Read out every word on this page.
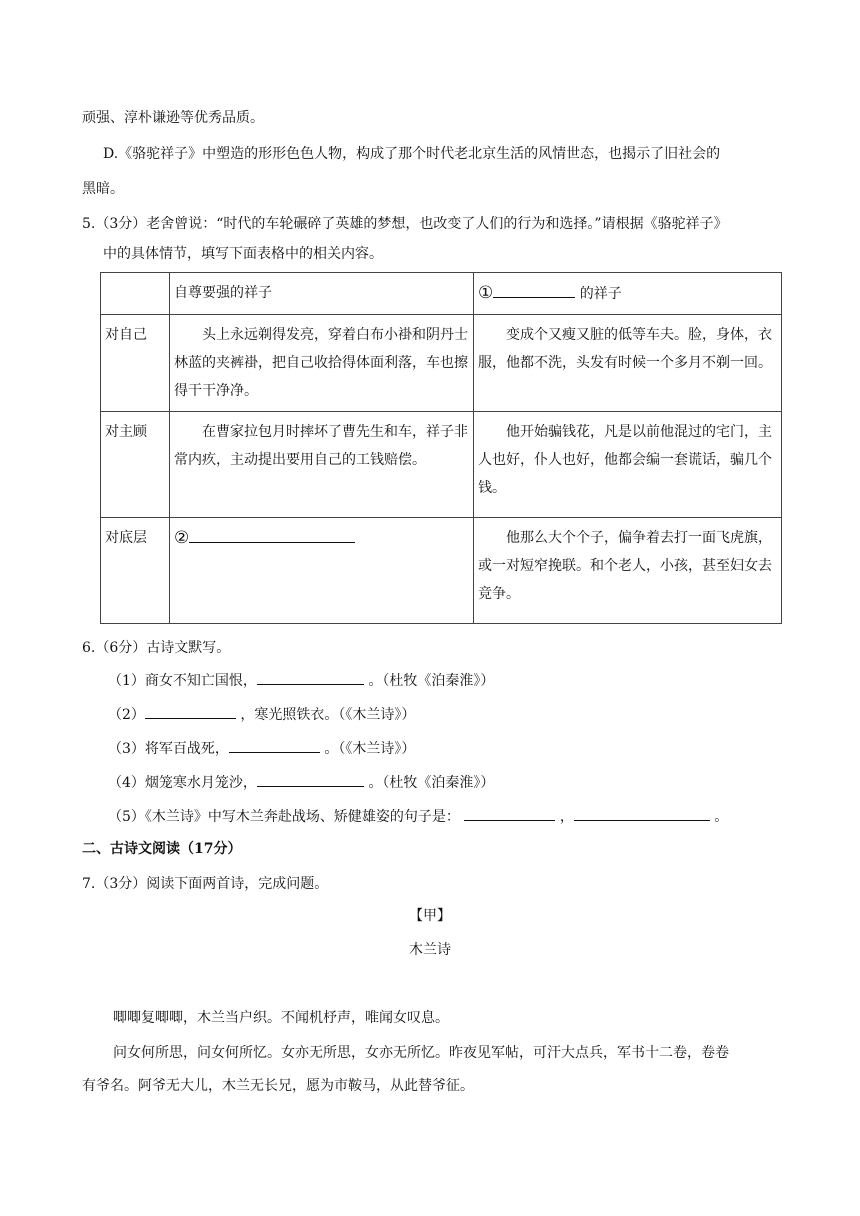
顽强、淳朴谦逊等优秀品质。
D.《骆驼祥子》中塑造的形形色色人物，构成了那个时代老北京生活的风情世态，也揭示了旧社会的
黑暗。
5.（3分）老舍曾说：“时代的车轮碾碎了英雄的梦想，也改变了人们的行为和选择。”请根据《骆驼祥子》
中的具体情节，填写下面表格中的相关内容。
	自尊要强的祥子	① 的祥子
对自己	头上永远剃得发亮，穿着白布小褂和阴丹士林蓝的夹裤褂，把自己收拾得体面利落，车也擦得干干净净。	变成个又瘦又脏的低等车夫。脸，身体，衣服，他都不洗，头发有时候一个多月不剃一回。
对主顾	在曹家拉包月时摔坏了曹先生和车，祥子非常内疚，主动提出要用自己的工钱赔偿。	他开始骗钱花，凡是以前他混过的宅门，主人也好，仆人也好，他都会编一套谎话，骗几个钱。
对底层	②	他那么大个个子，偏争着去打一面飞虎旗，或一对短窄挽联。和个老人，小孩，甚至妇女去竞争。
6.（6分）古诗文默写。
（1）商女不知亡国恨，	。（杜牧《泊秦淮》）
（2）	，寒光照铁衣。（《木兰诗》）
（3）将军百战死，	。（《木兰诗》）
（4）烟笼寒水月笼沙，	。（杜牧《泊秦淮》）
（5）《木兰诗》中写木兰奔赴战场、矫健雄姿的句子是：	，	。
二、古诗文阅读（17分）
7.（3分）阅读下面两首诗，完成问题。
【甲】
木兰诗
唧唧复唧唧，木兰当户织。不闻机杼声，唯闻女叹息。
问女何所思，问女何所忆。女亦无所思，女亦无所忆。昨夜见军帖，可汗大点兵，军书十二卷，卷卷
有爷名。阿爷无大儿，木兰无长兄，愿为市鞍马，从此替爷征。
